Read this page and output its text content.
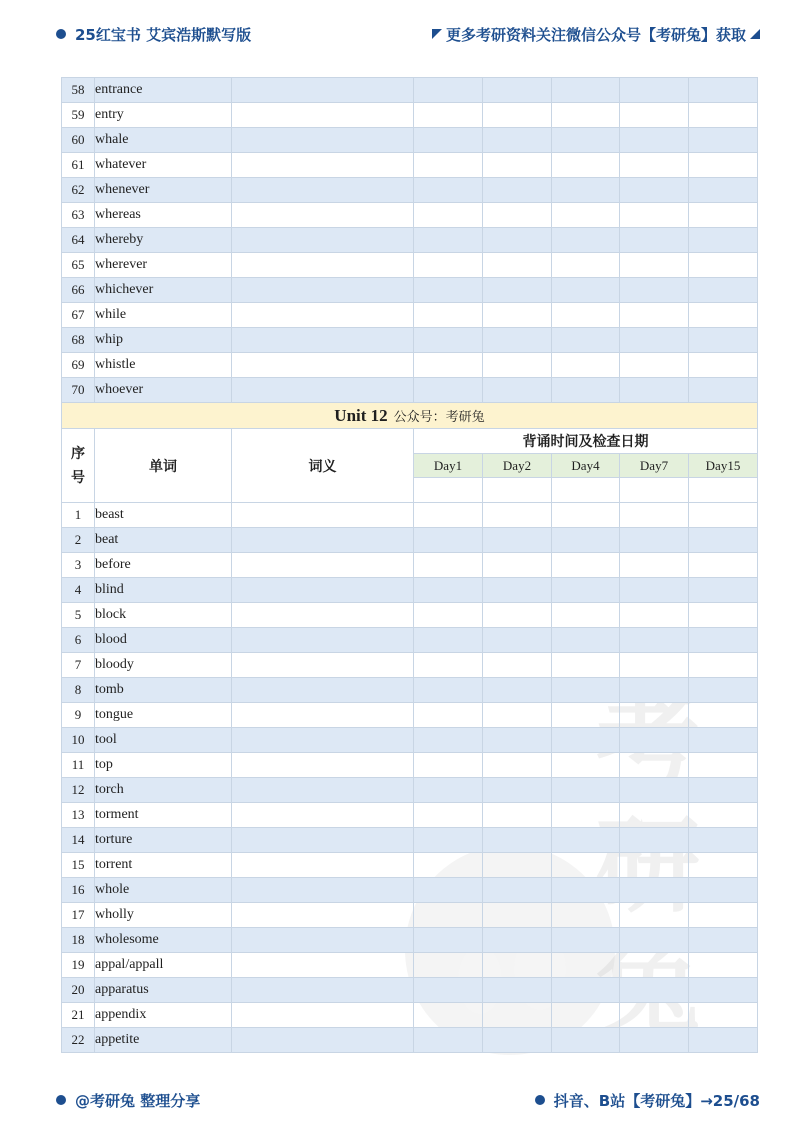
25红宝书 艾宾浩斯默写版	更多考研资料关注微信公众号【考研兔】获取
研
58	entrance						
59	entry						
60	whale						
61	whatever						
62	whenever						
63	whereas						
64	whereby						
65	wherever						
66	whichever						
67	while						
68	whip						
69	whistle						
70	whoever						
Unit 12 公众号：考研兔							

序
号	单词	词义	背诵时间及检查日期				
			Day1	Day2	Day4	Day7	Day15

1	beast						
2	beat						
3	before						
4	blind						
5	block						
6	blood						
7	bloody						
8	tomb						
9	tongue						
10	tool						
11	top						
12	torch						
13	torment						
14	torture						
15	torrent						
16	whole						
17	wholly						
18	wholesome						
19	appal/appall						
20	apparatus						
21	appendix						
22	appetite						
@考研兔 整理分享	抖音、B站【考研兔】→25/68
